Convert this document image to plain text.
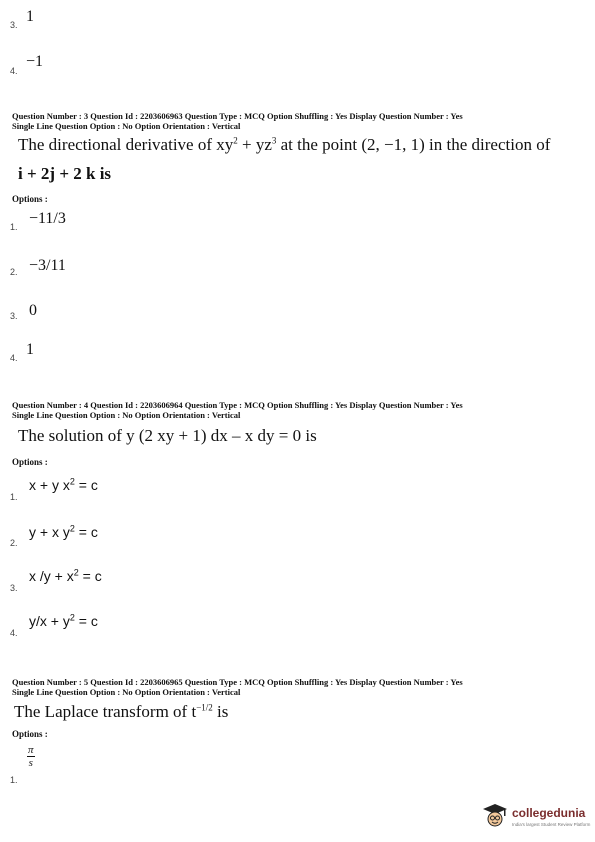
3. 1
4.
−1
Question Number : 3 Question Id : 2203606963 Question Type : MCQ Option Shuffling : Yes Display Question Number : Yes
Single Line Question Option : No Option Orientation : Vertical
The directional derivative of $xy^2 + yz^3$ at the point (2, −1, 1) in the direction of
i + 2j + 2 k is
Options :
1. −11/3
2. −3/11
3. 0
4. 1
Question Number : 4 Question Id : 2203606964 Question Type : MCQ Option Shuffling : Yes Display Question Number : Yes
Single Line Question Option : No Option Orientation : Vertical
The solution of y (2 xy + 1) dx – x dy = 0 is
Options :
1.
x + y $x^2 = c$
2.
y + x $y^2 = c$
3.
x $/y + x^2 = c$
4.
$y/x + y^2 = c$
Question Number : 5 Question Id : 2203606965 Question Type : MCQ Option Shuffling : Yes Display Question Number : Yes
Single Line Question Option : No Option Orientation : Vertical
The Laplace transform of $t^{-1/2}$ is
Options :
$\frac{\pi}{s}$
1.
collegedunia
India's largest Student Review Platform
